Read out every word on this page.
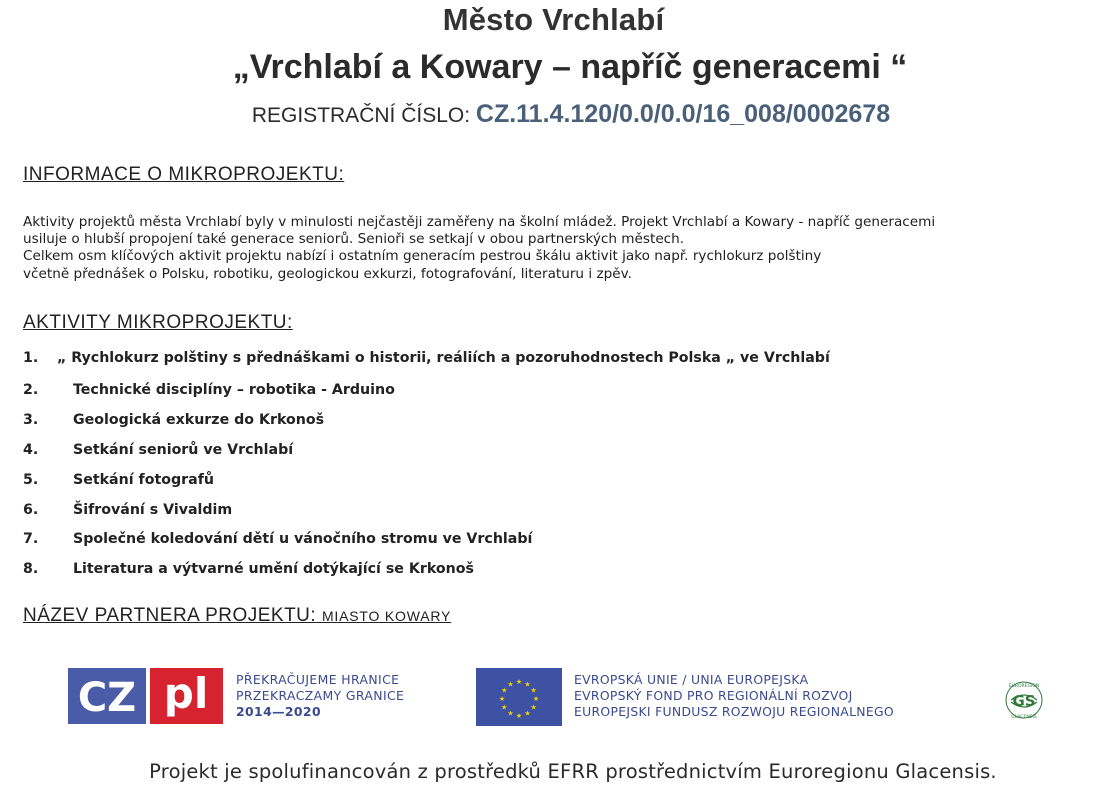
Město Vrchlabí
„Vrchlabí a Kowary – napříč generacemi “
REGISTRAČNÍ ČÍSLO: CZ.11.4.120/0.0/0.0/16_008/0002678
INFORMACE O MIKROPROJEKTU:

Aktivity projektů města Vrchlabí byly v minulosti nejčastěji zaměřeny na školní mládež. Projekt Vrchlabí a Kowary - napříč generacemi

usiluje o hlubší propojení také generace seniorů. Senioři se setkají v obou partnerských městech.

Celkem osm klíčových aktivit projektu nabízí i ostatním generacím pestrou škálu aktivit jako např. rychlokurz polštiny

včetně přednášek o Polsku, robotiku, geologickou exkurzi, fotografování, literaturu i zpěv.

AKTIVITY MIKROPROJEKTU:
1. „ Rychlokurz polštiny s přednáškami o historii, reáliích a pozoruhodnostech Polska „ ve Vrchlabí
2. Technické disciplíny – robotika - Arduino
3. Geologická exkurze do Krkonoš
4. Setkání seniorů ve Vrchlabí
5. Setkání fotografů
6. Šifrování s Vivaldim
7. Společné koledování dětí u vánočního stromu ve Vrchlabí
8. Literatura a výtvarné umění dotýkající se Krkonoš
NÁZEV PARTNERA PROJEKTU: MIASTO KOWARY
CZ pl PŘEKRAČUJEME HRANICE
PRZEKRACZAMY GRANICE
2014—2020
★ ★
★
★
★
★
★
★
★
★
★
★	EVROPSKÁ UNIE / UNIA EUROPEJSKA
EVROPSKÝ FOND PRO REGIONÁLNÍ ROZVOJ
EUROPEJSKI FUNDUSZ ROZWOJU REGIONALNEGO
EUROREGION
GLACENSIS
GS
Projekt je spolufinancován z prostředků EFRR prostřednictvím Euroregionu Glacensis.
